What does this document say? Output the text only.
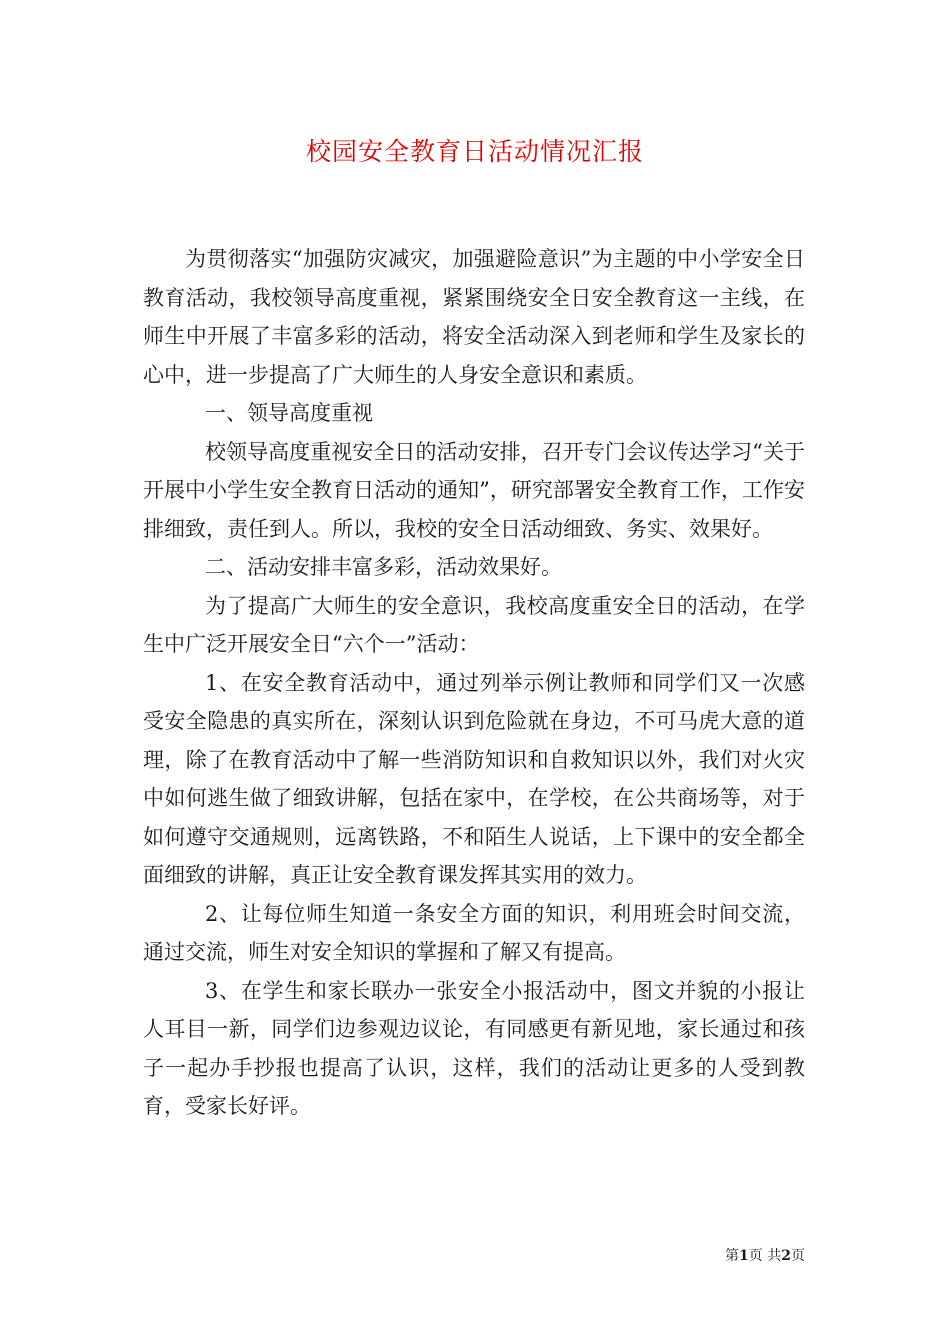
校园安全教育日活动情况汇报

为贯彻落实“加强防灾减灾，加强避险意识”为主题的中小学安全日教育活动，我校领导高度重视，紧紧围绕安全日安全教育这一主线，在师生中开展了丰富多彩的活动，将安全活动深入到老师和学生及家长的心中，进一步提高了广大师生的人身安全意识和素质。

一、领导高度重视

校领导高度重视安全日的活动安排，召开专门会议传达学习“关于开展中小学生安全教育日活动的通知”，研究部署安全教育工作，工作安排细致，责任到人。所以，我校的安全日活动细致、务实、效果好。

二、活动安排丰富多彩，活动效果好。

为了提高广大师生的安全意识，我校高度重安全日的活动，在学生中广泛开展安全日“六个一”活动：

1、在安全教育活动中，通过列举示例让教师和同学们又一次感受安全隐患的真实所在，深刻认识到危险就在身边，不可马虎大意的道理，除了在教育活动中了解一些消防知识和自救知识以外，我们对火灾中如何逃生做了细致讲解，包括在家中，在学校，在公共商场等，对于如何遵守交通规则，远离铁路，不和陌生人说话，上下课中的安全都全面细致的讲解，真正让安全教育课发挥其实用的效力。

2、让每位师生知道一条安全方面的知识，利用班会时间交流，通过交流，师生对安全知识的掌握和了解又有提高。

3、在学生和家长联办一张安全小报活动中，图文并貌的小报让人耳目一新，同学们边参观边议论，有同感更有新见地，家长通过和孩子一起办手抄报也提高了认识，这样，我们的活动让更多的人受到教育，受家长好评。

第1页 共2页
